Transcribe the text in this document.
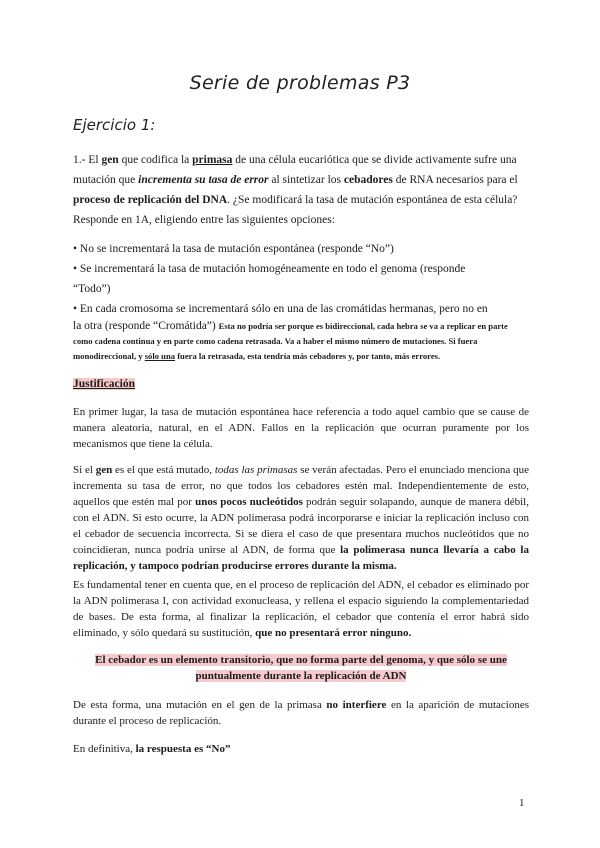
Serie de problemas P3
Ejercicio 1:

1.- El gen que codifica la primasa de una célula eucariótica que se divide activamente sufre una mutación que incrementa su tasa de error al sintetizar los cebadores de RNA necesarios para el proceso de replicación del DNA. ¿Se modificará la tasa de mutación espontánea de esta célula? Responde en 1A, eligiendo entre las siguientes opciones:

• No se incrementará la tasa de mutación espontánea (responde “No”)
• Se incrementará la tasa de mutación homogéneamente en todo el genoma (responde
“Todo”)
• En cada cromosoma se incrementará sólo en una de las cromátidas hermanas, pero no en
la otra (responde “Cromátida”) Esta no podría ser porque es bidireccional, cada hebra se va a replicar en parte como cadena continua y en parte como cadena retrasada. Va a haber el mismo número de mutaciones. Si fuera monodireccional, y sólo una fuera la retrasada, esta tendría más cebadores y, por tanto, más errores.
Justificación

En primer lugar, la tasa de mutación espontánea hace referencia a todo aquel cambio que se cause de manera aleatoria, natural, en el ADN. Fallos en la replicación que ocurran puramente por los mecanismos que tiene la célula.

Si el gen es el que está mutado, todas las primasas se verán afectadas. Pero el enunciado menciona que incrementa su tasa de error, no que todos los cebadores estén mal. Independientemente de esto, aquellos que estén mal por unos pocos nucleótidos podrán seguir solapando, aunque de manera débil, con el ADN. Si esto ocurre, la ADN polimerasa podrá incorporarse e iniciar la replicación incluso con el cebador de secuencia incorrecta. Si se diera el caso de que presentara muchos nucleótidos que no coincidieran, nunca podría unirse al ADN, de forma que la polimerasa nunca llevaría a cabo la replicación, y tampoco podrían producirse errores durante la misma.

Es fundamental tener en cuenta que, en el proceso de replicación del ADN, el cebador es eliminado por la ADN polimerasa I, con actividad exonucleasa, y rellena el espacio siguiendo la complementariedad de bases. De esta forma, al finalizar la replicación, el cebador que contenía el error habrá sido eliminado, y sólo quedará su sustitución, que no presentará error ninguno.

El cebador es un elemento transitorio, que no forma parte del genoma, y que sólo se une
puntualmente durante la replicación de ADN

De esta forma, una mutación en el gen de la primasa no interfiere en la aparición de mutaciones durante el proceso de replicación.

En definitiva, la respuesta es “No”
1
